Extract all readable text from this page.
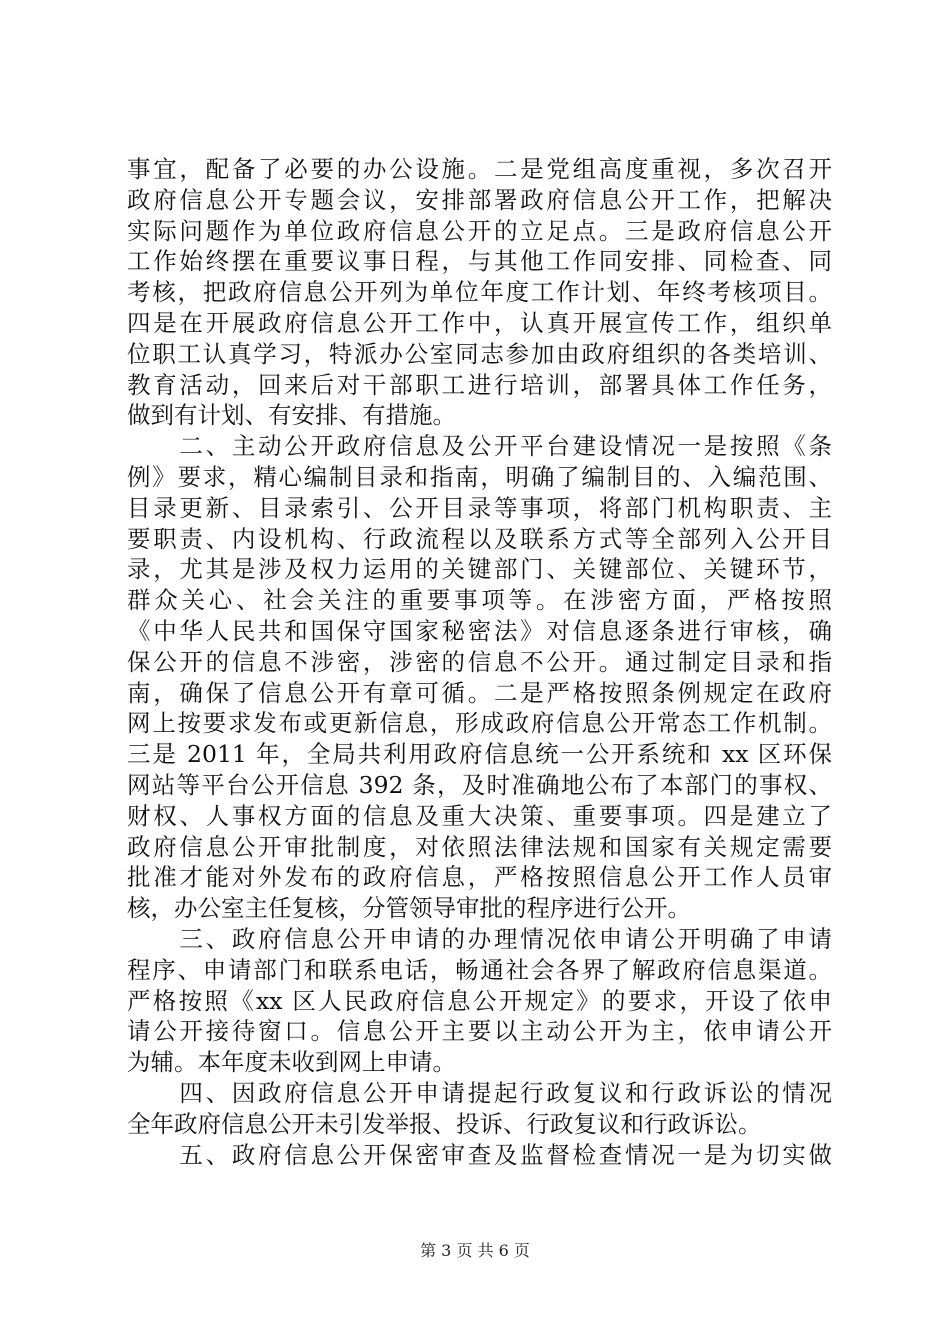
事宜，配备了必要的办公设施。二是党组高度重视，多次召开
政府信息公开专题会议，安排部署政府信息公开工作，把解决
实际问题作为单位政府信息公开的立足点。三是政府信息公开
工作始终摆在重要议事日程，与其他工作同安排、同检查、同
考核，把政府信息公开列为单位年度工作计划、年终考核项目。
四是在开展政府信息公开工作中，认真开展宣传工作，组织单
位职工认真学习，特派办公室同志参加由政府组织的各类培训、
教育活动，回来后对干部职工进行培训，部署具体工作任务，
做到有计划、有安排、有措施。
　　二、主动公开政府信息及公开平台建设情况一是按照《条
例》要求，精心编制目录和指南，明确了编制目的、入编范围、
目录更新、目录索引、公开目录等事项，将部门机构职责、主
要职责、内设机构、行政流程以及联系方式等全部列入公开目
录，尤其是涉及权力运用的关键部门、关键部位、关键环节，
群众关心、社会关注的重要事项等。在涉密方面，严格按照
《中华人民共和国保守国家秘密法》对信息逐条进行审核，确
保公开的信息不涉密，涉密的信息不公开。通过制定目录和指
南，确保了信息公开有章可循。二是严格按照条例规定在政府
网上按要求发布或更新信息，形成政府信息公开常态工作机制。
三是 2011 年，全局共利用政府信息统一公开系统和 xx 区环保
网站等平台公开信息 392 条，及时准确地公布了本部门的事权、
财权、人事权方面的信息及重大决策、重要事项。四是建立了
政府信息公开审批制度，对依照法律法规和国家有关规定需要
批准才能对外发布的政府信息，严格按照信息公开工作人员审
核，办公室主任复核，分管领导审批的程序进行公开。
　　三、政府信息公开申请的办理情况依申请公开明确了申请
程序、申请部门和联系电话，畅通社会各界了解政府信息渠道。
严格按照《xx 区人民政府信息公开规定》的要求，开设了依申
请公开接待窗口。信息公开主要以主动公开为主，依申请公开
为辅。本年度未收到网上申请。
　　四、因政府信息公开申请提起行政复议和行政诉讼的情况
全年政府信息公开未引发举报、投诉、行政复议和行政诉讼。
　　五、政府信息公开保密审查及监督检查情况一是为切实做
第 3 页 共 6 页
